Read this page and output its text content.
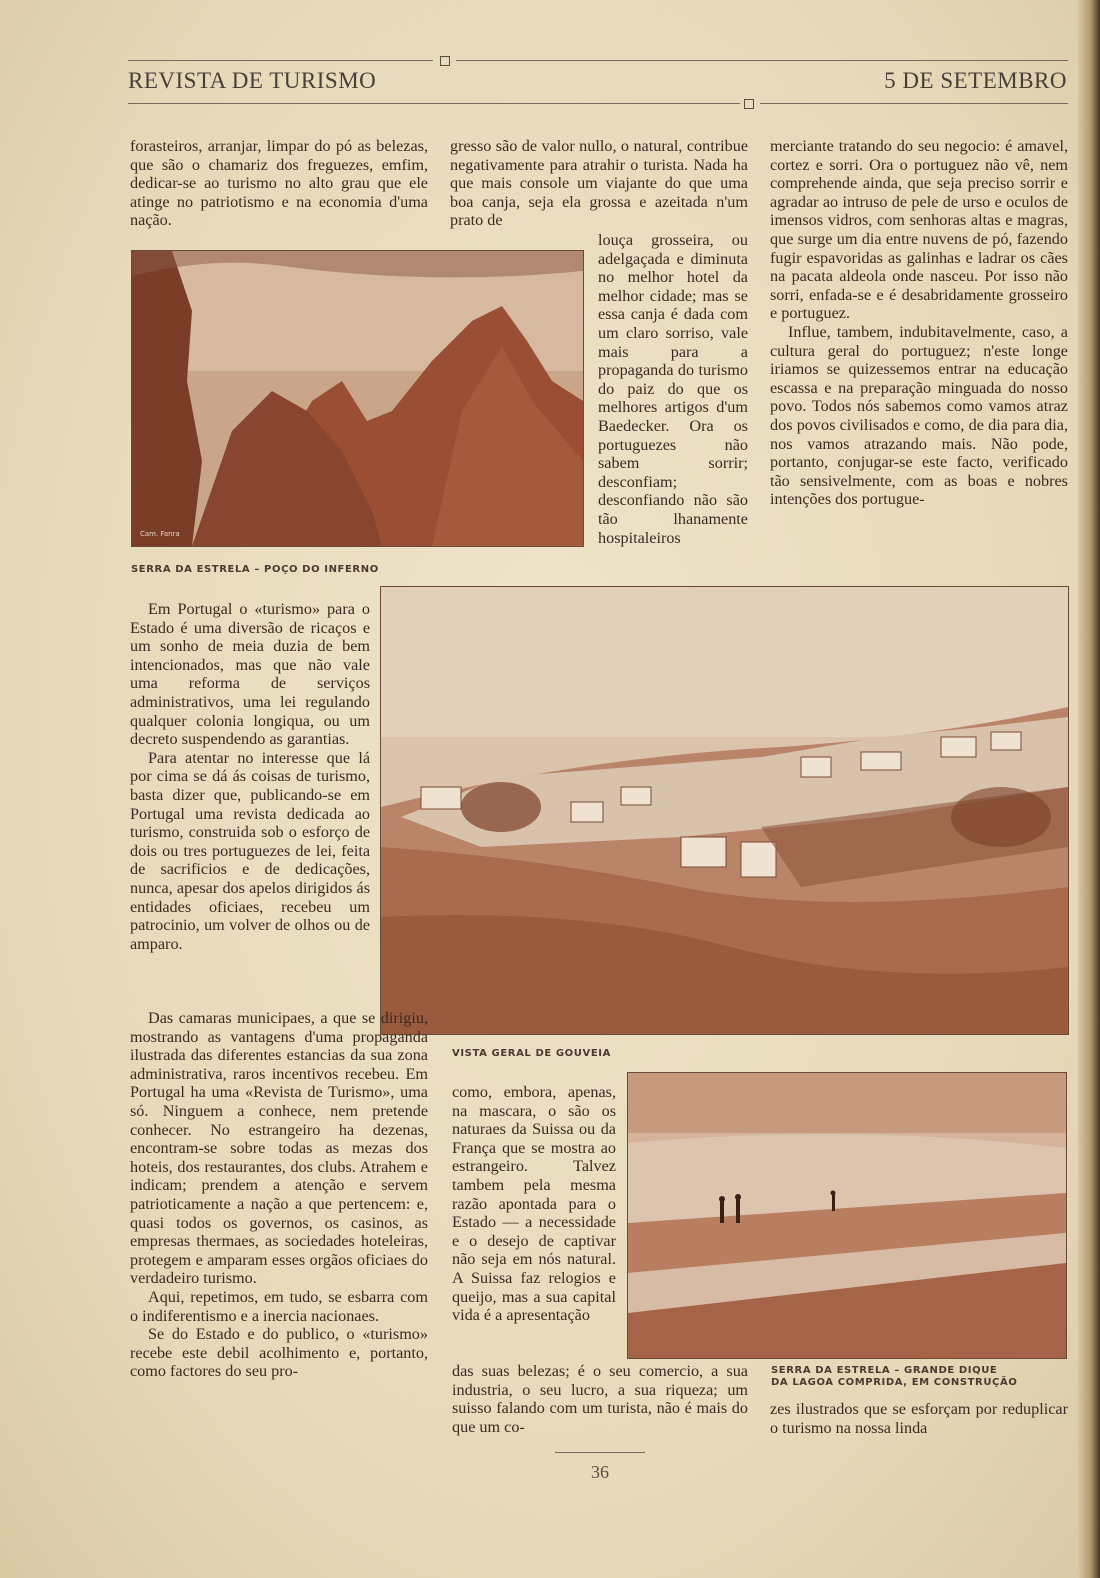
REVISTA DE TURISMO	5 DE SETEMBRO

forasteiros, arranjar, limpar do pó as belezas, que são o chamariz dos freguezes, emfim, dedicar-se ao turismo no alto grau que ele atinge no patriotismo e na economia d'uma nação.

Cam. Fanra
SERRA DA ESTRELA – POÇO DO INFERNO

gresso são de valor nullo, o natural, contribue negativamente para atrahir o turista. Nada ha que mais console um viajante do que uma boa canja, seja ela grossa e azeitada n'um prato de

louça grosseira, ou adelgaçada e diminuta no melhor hotel da melhor cidade; mas se essa canja é dada com um claro sorriso, vale mais para a propaganda do turismo do paiz do que os melhores artigos d'um Baedecker. Ora os portuguezes não sabem sorrir; desconfiam; desconfiando não são tão lhanamente hospitaleiros

merciante tratando do seu negocio: é amavel, cortez e sorri. Ora o portuguez não vê, nem comprehende ainda, que seja preciso sorrir e agradar ao intruso de pele de urso e oculos de imensos vidros, com senhoras altas e magras, que surge um dia entre nuvens de pó, fazendo fugir espavoridas as galinhas e ladrar os cães na pacata aldeola onde nasceu. Por isso não sorri, enfada-se e é desabridamente grosseiro e portuguez.

Influe, tambem, indubitavelmente, caso, a cultura geral do portuguez; n'este longe iriamos se quizessemos entrar na educação escassa e na preparação minguada do nosso povo. Todos nós sabemos como vamos atraz dos povos civilisados e como, de dia para dia, nos vamos atrazando mais. Não pode, portanto, conjugar-se este facto, verificado tão sensivelmente, com as boas e nobres intenções dos portugue-

Em Portugal o «turismo» para o Estado é uma diversão de ricaços e um sonho de meia duzia de bem intencionados, mas que não vale uma reforma de serviços administrativos, uma lei regulando qualquer colonia longiqua, ou um decreto suspendendo as garantias.

Para atentar no interesse que lá por cima se dá ás coisas de turismo, basta dizer que, publicando-se em Portugal uma revista dedicada ao turismo, construida sob o esforço de dois ou tres portuguezes de lei, feita de sacrificios e de dedicações, nunca, apesar dos apelos dirigidos ás entidades oficiaes, recebeu um patrocinio, um volver de olhos ou de amparo.

Das camaras municipaes, a que se dirigiu, mostrando as vantagens d'uma propaganda ilustrada das diferentes estancias da sua zona administrativa, raros incentivos recebeu. Em Portugal ha uma «Revista de Turismo», uma só. Ninguem a conhece, nem pretende conhecer. No estrangeiro ha dezenas, encontram-se sobre todas as mezas dos hoteis, dos restaurantes, dos clubs. Atrahem e indicam; prendem a atenção e servem patrioticamente a nação a que pertencem: e, quasi todos os governos, os casinos, as empresas thermaes, as sociedades hoteleiras, protegem e amparam esses orgãos oficiaes do verdadeiro turismo.

Aqui, repetimos, em tudo, se esbarra com o indiferentismo e a inercia nacionaes.

Se do Estado e do publico, o «turismo» recebe este debil acolhimento e, portanto, como factores do seu pro-

VISTA GERAL DE GOUVEIA

como, embora, apenas, na mascara, o são os naturaes da Suissa ou da França que se mostra ao estrangeiro. Talvez tambem pela mesma razão apontada para o Estado — a necessidade e o desejo de captivar não seja em nós natural. A Suissa faz relogios e queijo, mas a sua capital vida é a apresentação

das suas belezas; é o seu comercio, a sua industria, o seu lucro, a sua riqueza; um suisso falando com um turista, não é mais do que um co-

SERRA DA ESTRELA – GRANDE DIQUE
DA LAGOA COMPRIDA, EM CONSTRUÇÃO

zes ilustrados que se esforçam por reduplicar o turismo na nossa linda

36
